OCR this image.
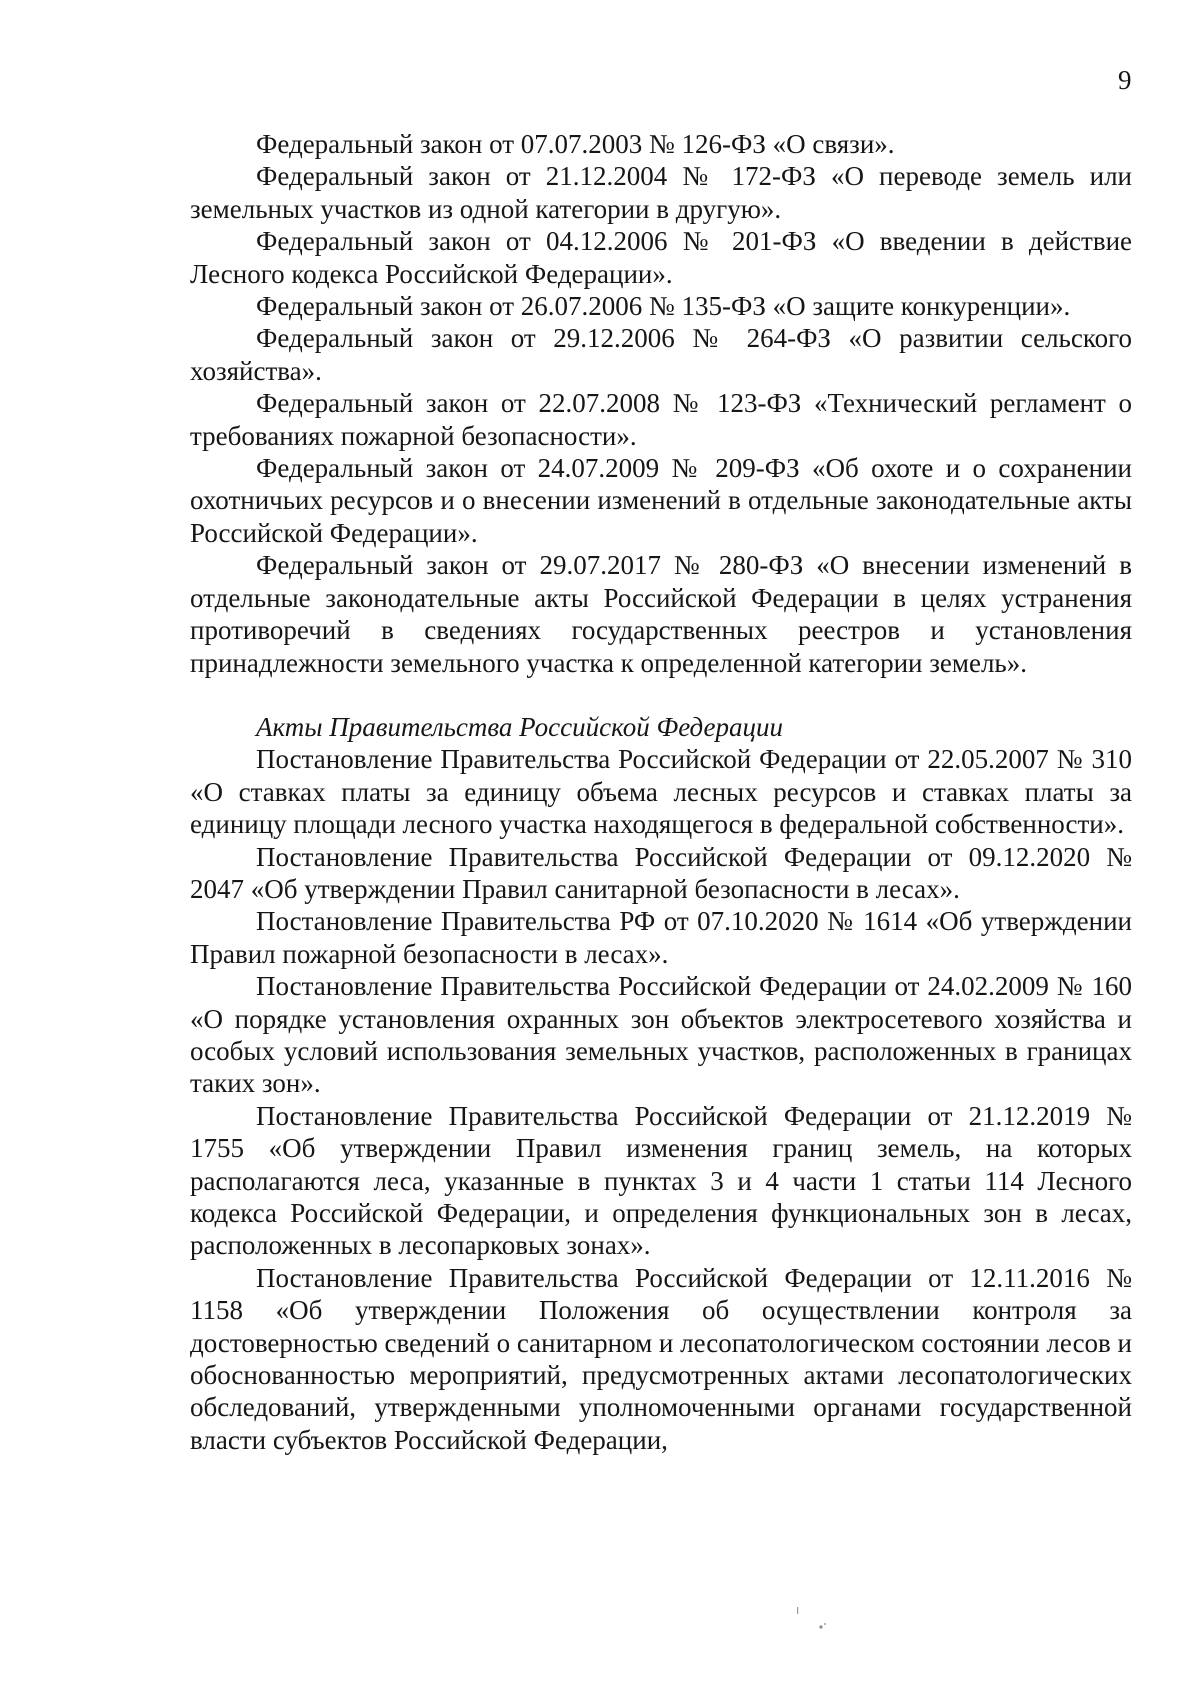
9

Федеральный закон от 07.07.2003 № 126-ФЗ «О связи».

Федеральный закон от 21.12.2004 № 172-ФЗ «О переводе земель или земельных участков из одной категории в другую».

Федеральный закон от 04.12.2006 № 201-ФЗ «О введении в действие Лесного кодекса Российской Федерации».

Федеральный закон от 26.07.2006 № 135-ФЗ «О защите конкуренции».

Федеральный закон от 29.12.2006 № 264-ФЗ «О развитии сельского хозяйства».

Федеральный закон от 22.07.2008 № 123-ФЗ «Технический регламент о требованиях пожарной безопасности».

Федеральный закон от 24.07.2009 № 209-ФЗ «Об охоте и о сохранении охотничьих ресурсов и о внесении изменений в отдельные законодательные акты Российской Федерации».

Федеральный закон от 29.07.2017 № 280-ФЗ «О внесении изменений в отдельные законодательные акты Российской Федерации в целях устранения противоречий в сведениях государственных реестров и установления принадлежности земельного участка к определенной категории земель».

Акты Правительства Российской Федерации

Постановление Правительства Российской Федерации от 22.05.2007 № 310 «О ставках платы за единицу объема лесных ресурсов и ставках платы за единицу площади лесного участка находящегося в федеральной собственности».

Постановление Правительства Российской Федерации от 09.12.2020 № 2047 «Об утверждении Правил санитарной безопасности в лесах».

Постановление Правительства РФ от 07.10.2020 № 1614 «Об утверждении Правил пожарной безопасности в лесах».

Постановление Правительства Российской Федерации от 24.02.2009 № 160 «О порядке установления охранных зон объектов электросетевого хозяйства и особых условий использования земельных участков, расположенных в границах таких зон».

Постановление Правительства Российской Федерации от 21.12.2019 № 1755 «Об утверждении Правил изменения границ земель, на которых располагаются леса, указанные в пунктах 3 и 4 части 1 статьи 114 Лесного кодекса Российской Федерации, и определения функциональных зон в лесах, расположенных в лесопарковых зонах».

Постановление Правительства Российской Федерации от 12.11.2016 № 1158 «Об утверждении Положения об осуществлении контроля за достоверностью сведений о санитарном и лесопатологическом состоянии лесов и обоснованностью мероприятий, предусмотренных актами лесопатологических обследований, утвержденными уполномоченными органами государственной власти субъектов Российской Федерации,
